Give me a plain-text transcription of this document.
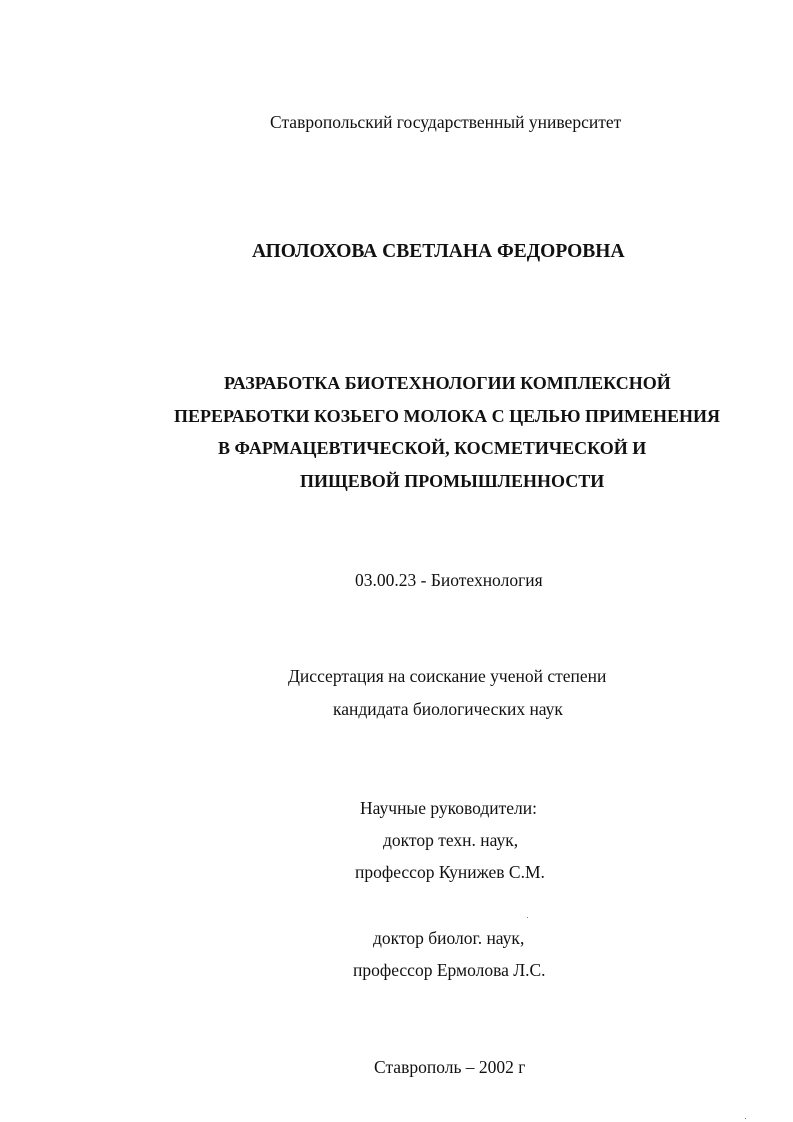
Ставропольский государственный университет
АПОЛОХОВА СВЕТЛАНА ФЕДОРОВНА
РАЗРАБОТКА БИОТЕХНОЛОГИИ КОМПЛЕКСНОЙ
ПЕРЕРАБОТКИ КОЗЬЕГО МОЛОКА С ЦЕЛЬЮ ПРИМЕНЕНИЯ
В ФАРМАЦЕВТИЧЕСКОЙ, КОСМЕТИЧЕСКОЙ И
ПИЩЕВОЙ ПРОМЫШЛЕННОСТИ
03.00.23 - Биотехнология
Диссертация на соискание ученой степени
кандидата биологических наук
Научные руководители:
доктор техн. наук,
профессор Кунижев С.М.
доктор биолог. наук,
профессор Ермолова Л.С.
Ставрополь – 2002 г
